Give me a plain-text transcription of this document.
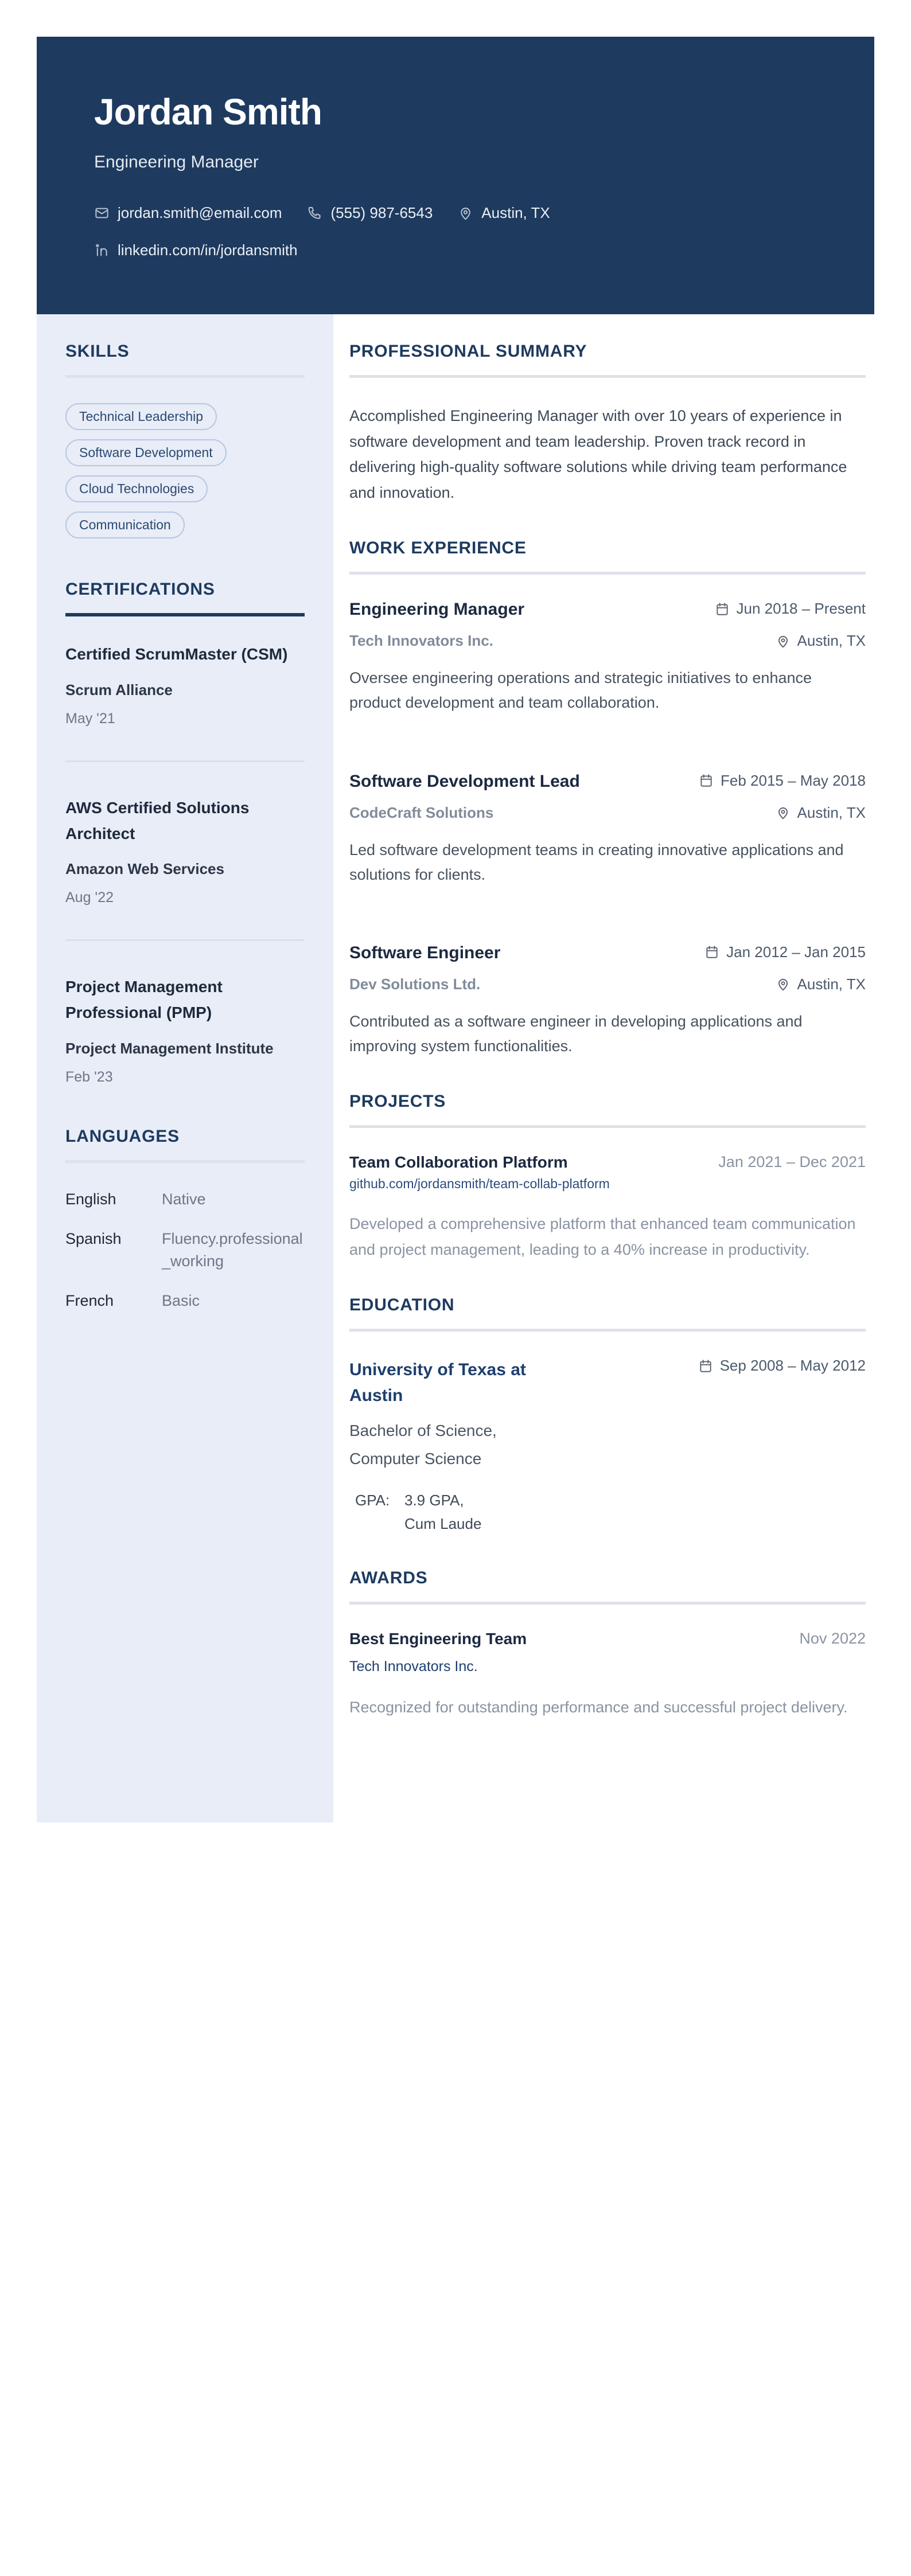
Jordan Smith
Engineering Manager
jordan.smith@email.com	(555) 987-6543	Austin, TX
linkedin.com/in/jordansmith
SKILLS
Technical Leadership
Software Development
Cloud Technologies
Communication
CERTIFICATIONS
Certified ScrumMaster (CSM)
Scrum Alliance
May '21
AWS Certified Solutions Architect
Amazon Web Services
Aug '22
Project Management Professional (PMP)
Project Management Institute
Feb '23
LANGUAGES
English	Native
Spanish	Fluency.professional_working
French	Basic
PROFESSIONAL SUMMARY
Accomplished Engineering Manager with over 10 years of experience in software development and team leadership. Proven track record in delivering high-quality software solutions while driving team performance and innovation.
WORK EXPERIENCE
Engineering Manager	Jun 2018 – Present
Tech Innovators Inc.	Austin, TX
Oversee engineering operations and strategic initiatives to enhance product development and team collaboration.
Software Development Lead	Feb 2015 – May 2018
CodeCraft Solutions	Austin, TX
Led software development teams in creating innovative applications and solutions for clients.
Software Engineer	Jan 2012 – Jan 2015
Dev Solutions Ltd.	Austin, TX
Contributed as a software engineer in developing applications and improving system functionalities.
PROJECTS
Team Collaboration Platform	Jan 2021 – Dec 2021
github.com/jordansmith/team-collab-platform
Developed a comprehensive platform that enhanced team communication and project management, leading to a 40% increase in productivity.
EDUCATION
University of Texas at Austin
Bachelor of Science, Computer Science
GPA: 3.9 GPA, Cum Laude
Sep 2008 – May 2012
AWARDS
Best Engineering Team	Nov 2022
Tech Innovators Inc.
Recognized for outstanding performance and successful project delivery.
